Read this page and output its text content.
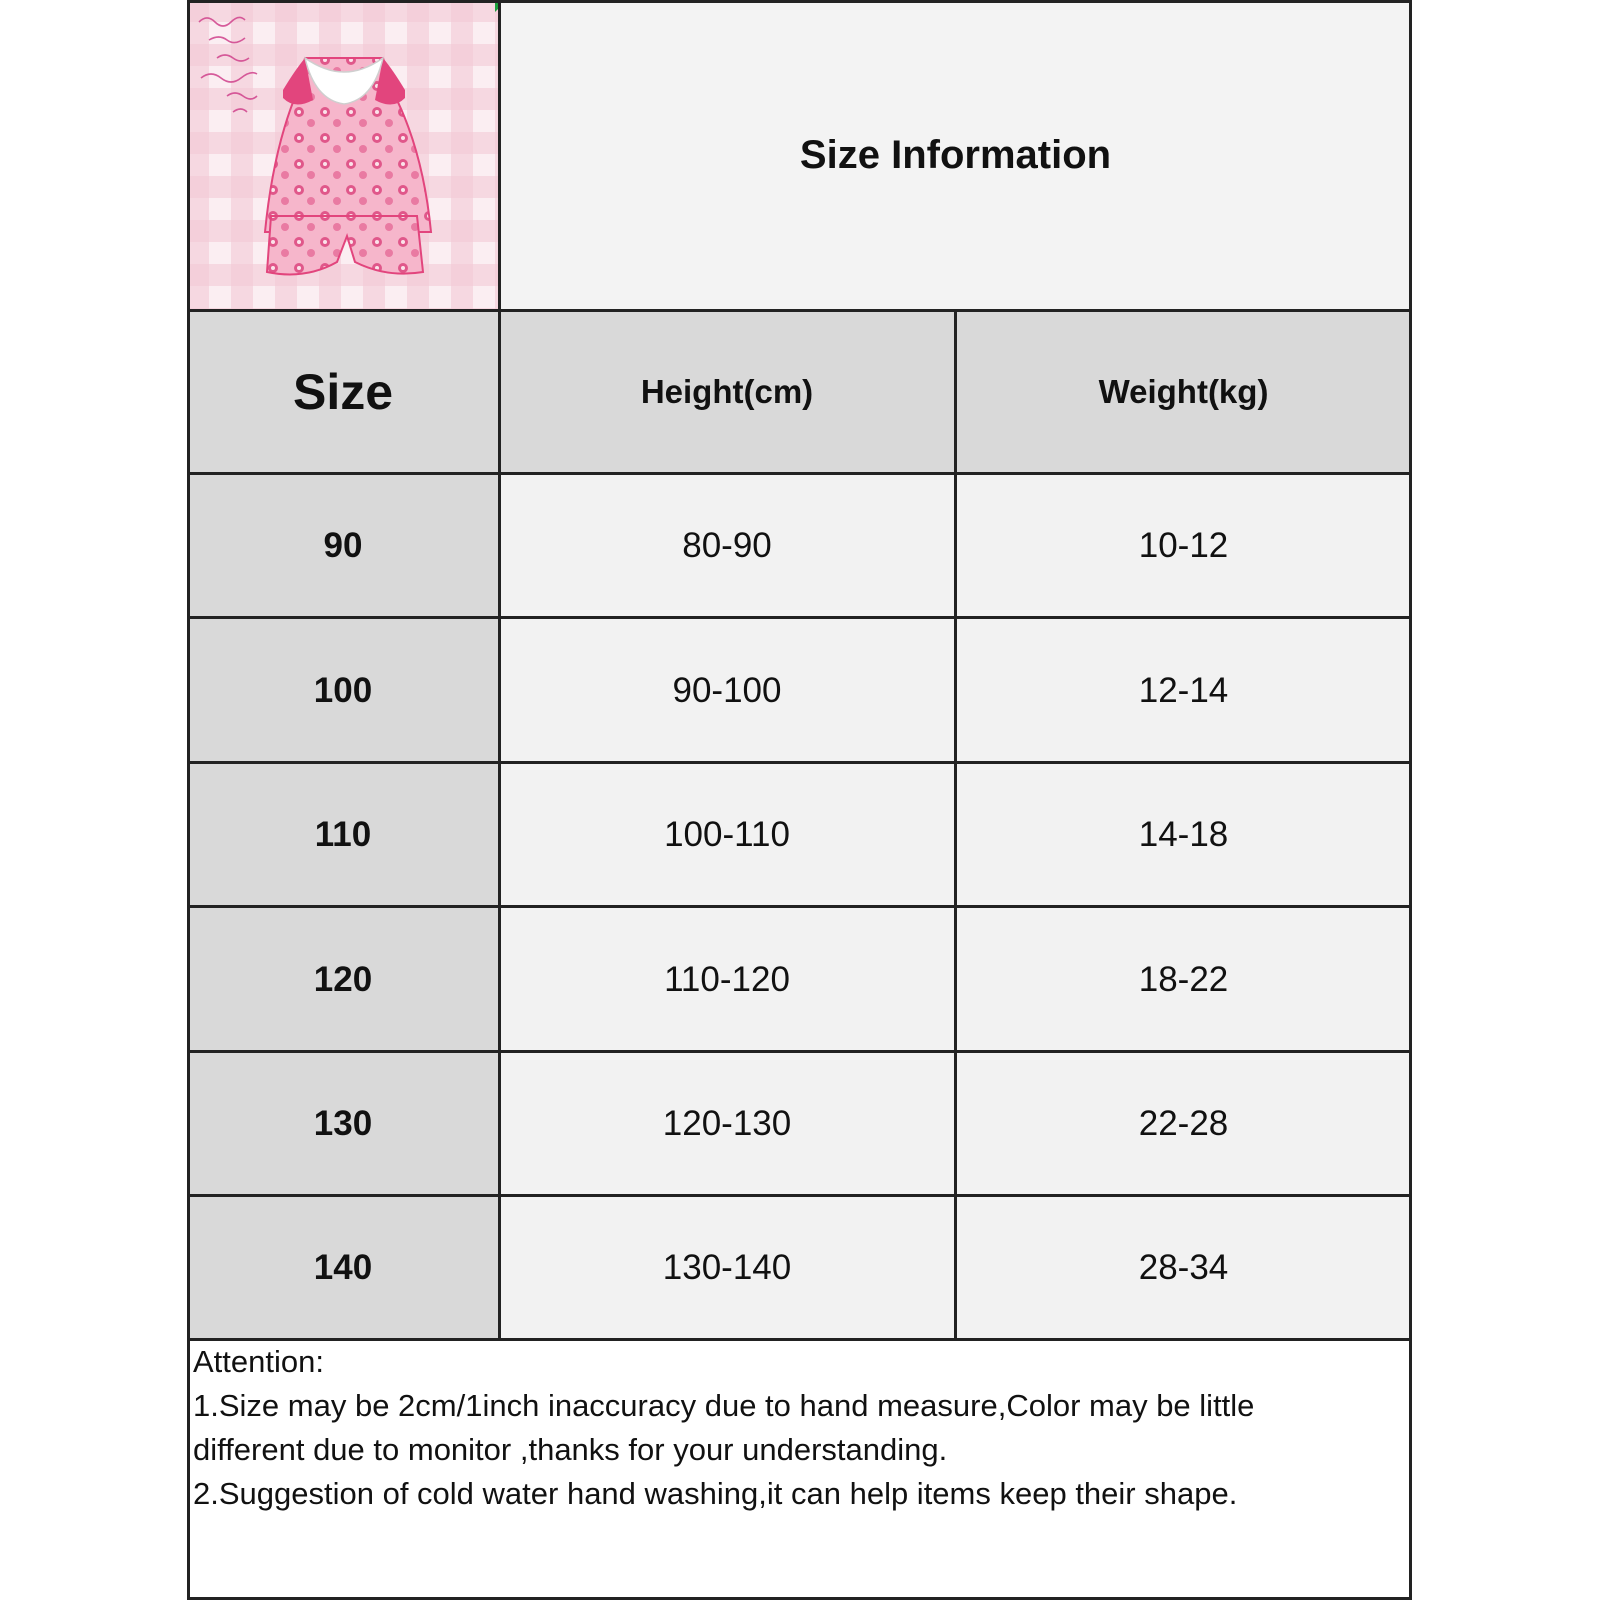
Size Information
Size	Height(cm)	Weight(kg)
90	80-90	10-12
100	90-100	12-14
110	100-110	14-18
120	110-120	18-22
130	120-130	22-28
140	130-140	28-34
Attention:
1.Size may be 2cm/1inch inaccuracy due to hand measure,Color may be little
different due to monitor ,thanks for your understanding.
2.Suggestion of cold water hand washing,it can help items keep their shape.
